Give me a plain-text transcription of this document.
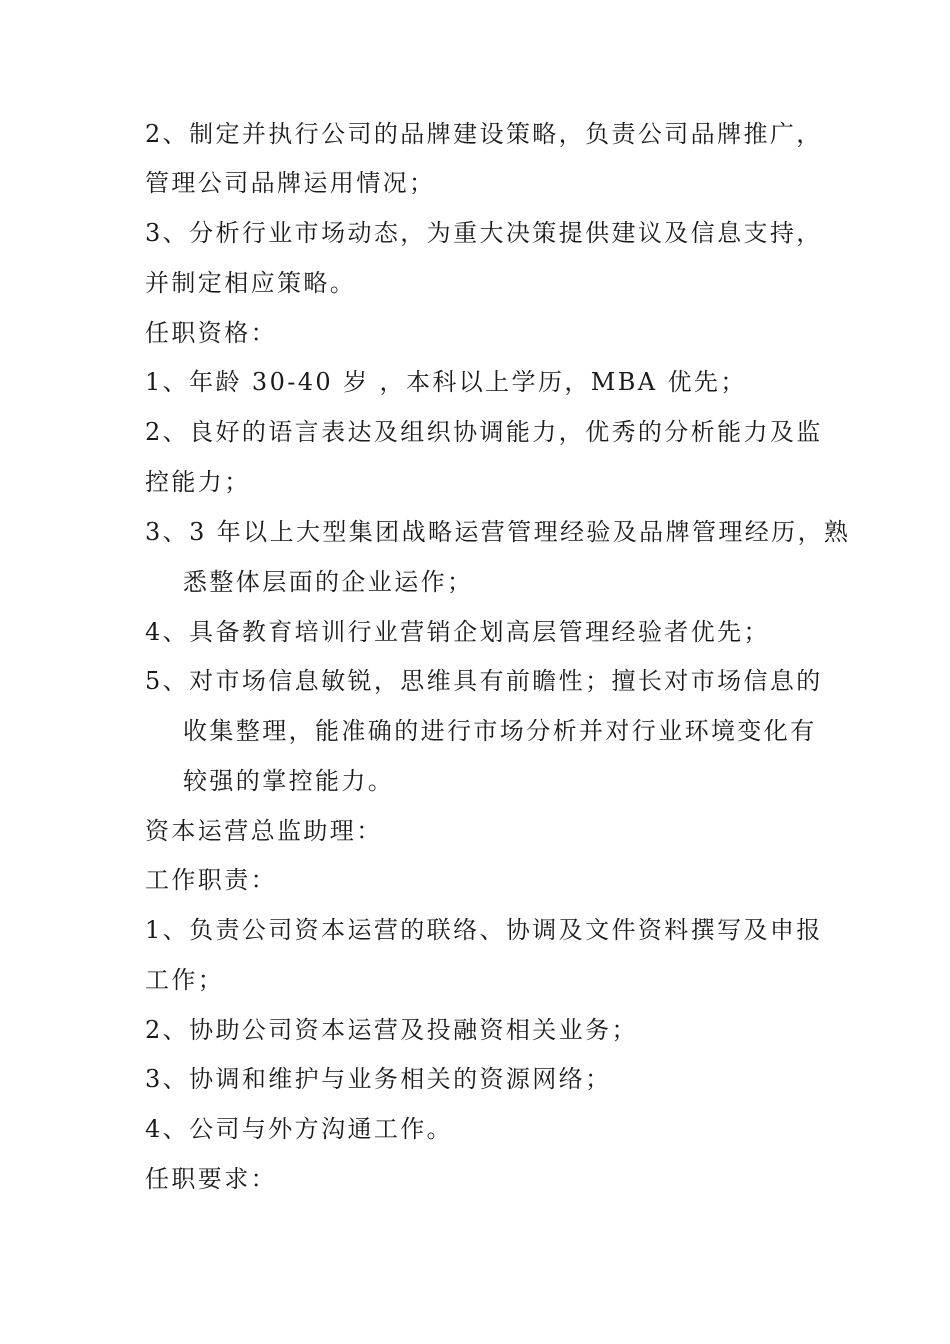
2、制定并执行公司的品牌建设策略，负责公司品牌推广，
管理公司品牌运用情况；
3、分析行业市场动态，为重大决策提供建议及信息支持，
并制定相应策略。
任职资格：
1、年龄 30-40 岁 ，本科以上学历，MBA 优先；
2、良好的语言表达及组织协调能力，优秀的分析能力及监
控能力；
3、3 年以上大型集团战略运营管理经验及品牌管理经历，熟
悉整体层面的企业运作；
4、具备教育培训行业营销企划高层管理经验者优先；
5、对市场信息敏锐，思维具有前瞻性；擅长对市场信息的
收集整理，能准确的进行市场分析并对行业环境变化有
较强的掌控能力。
资本运营总监助理：
工作职责：
1、负责公司资本运营的联络、协调及文件资料撰写及申报
工作；
2、协助公司资本运营及投融资相关业务；
3、协调和维护与业务相关的资源网络；
4、公司与外方沟通工作。
任职要求：
